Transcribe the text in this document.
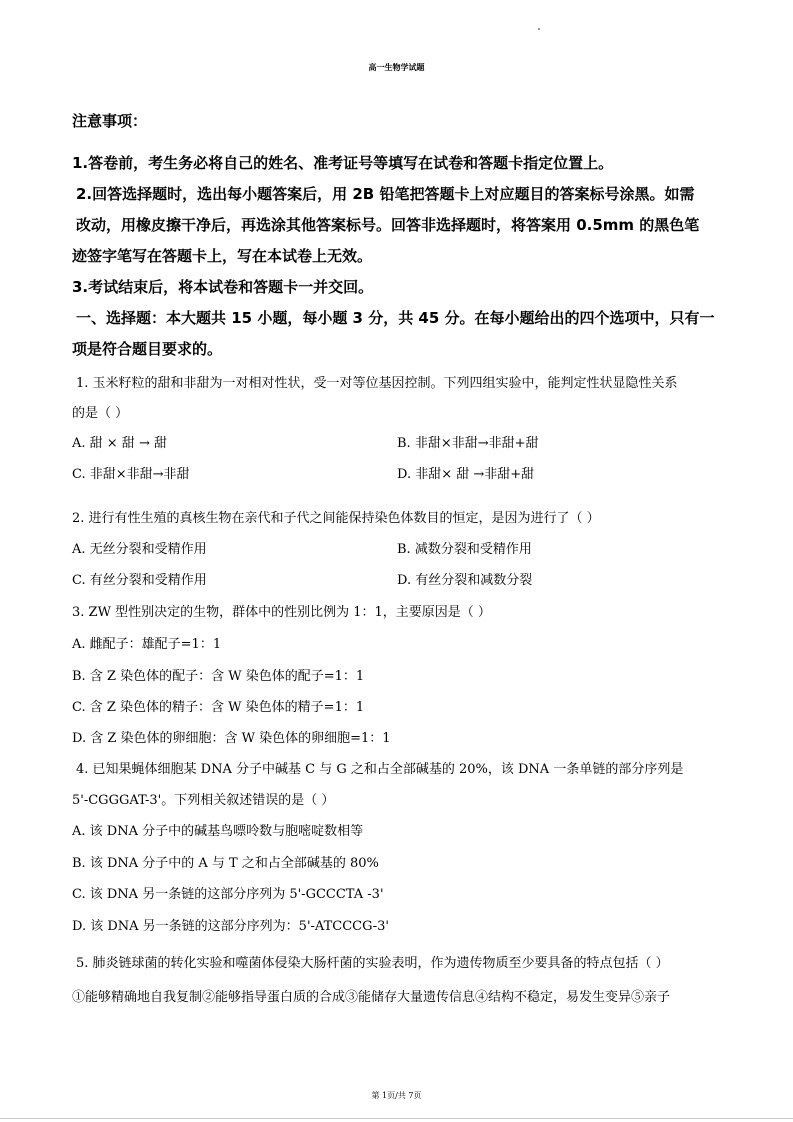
高一生物学试题
注意事项：
1.答卷前，考生务必将自己的姓名、准考证号等填写在试卷和答题卡指定位置上。
2.回答选择题时，选出每小题答案后，用 2B 铅笔把答题卡上对应题目的答案标号涂黑。如需
改动，用橡皮擦干净后，再选涂其他答案标号。回答非选择题时，将答案用 0.5mm 的黑色笔
迹签字笔写在答题卡上，写在本试卷上无效。
3.考试结束后，将本试卷和答题卡一并交回。
一、选择题：本大题共 15 小题，每小题 3 分，共 45 分。在每小题给出的四个选项中，只有一
项是符合题目要求的。
1. 玉米籽粒的甜和非甜为一对相对性状，受一对等位基因控制。下列四组实验中，能判定性状显隐性关系
的是（ ）
A. 甜 × 甜 → 甜	B. 非甜×非甜→非甜+甜
C. 非甜×非甜→非甜	D. 非甜× 甜 →非甜+甜
2. 进行有性生殖的真核生物在亲代和子代之间能保持染色体数目的恒定，是因为进行了（ ）
A. 无丝分裂和受精作用	B. 减数分裂和受精作用
C. 有丝分裂和受精作用	D. 有丝分裂和减数分裂
3. ZW 型性别决定的生物，群体中的性别比例为 1：1，主要原因是（ ）
A. 雌配子：雄配子=1：1
B. 含 Z 染色体的配子：含 W 染色体的配子=1：1
C. 含 Z 染色体的精子：含 W 染色体的精子=1：1
D. 含 Z 染色体的卵细胞：含 W 染色体的卵细胞=1：1
4. 已知果蝇体细胞某 DNA 分子中碱基 C 与 G 之和占全部碱基的 20%，该 DNA 一条单链的部分序列是
5'-CGGGAT-3'。下列相关叙述错误的是（ ）
A. 该 DNA 分子中的碱基鸟嘌呤数与胞嘧啶数相等
B. 该 DNA 分子中的 A 与 T 之和占全部碱基的 80%
C. 该 DNA 另一条链的这部分序列为 5'-GCCCTA -3'
D. 该 DNA 另一条链的这部分序列为：5'-ATCCCG-3'
5. 肺炎链球菌的转化实验和噬菌体侵染大肠杆菌的实验表明，作为遗传物质至少要具备的特点包括（ ）
①能够精确地自我复制②能够指导蛋白质的合成③能储存大量遗传信息④结构不稳定，易发生变异⑤亲子
第 1页/共 7页
